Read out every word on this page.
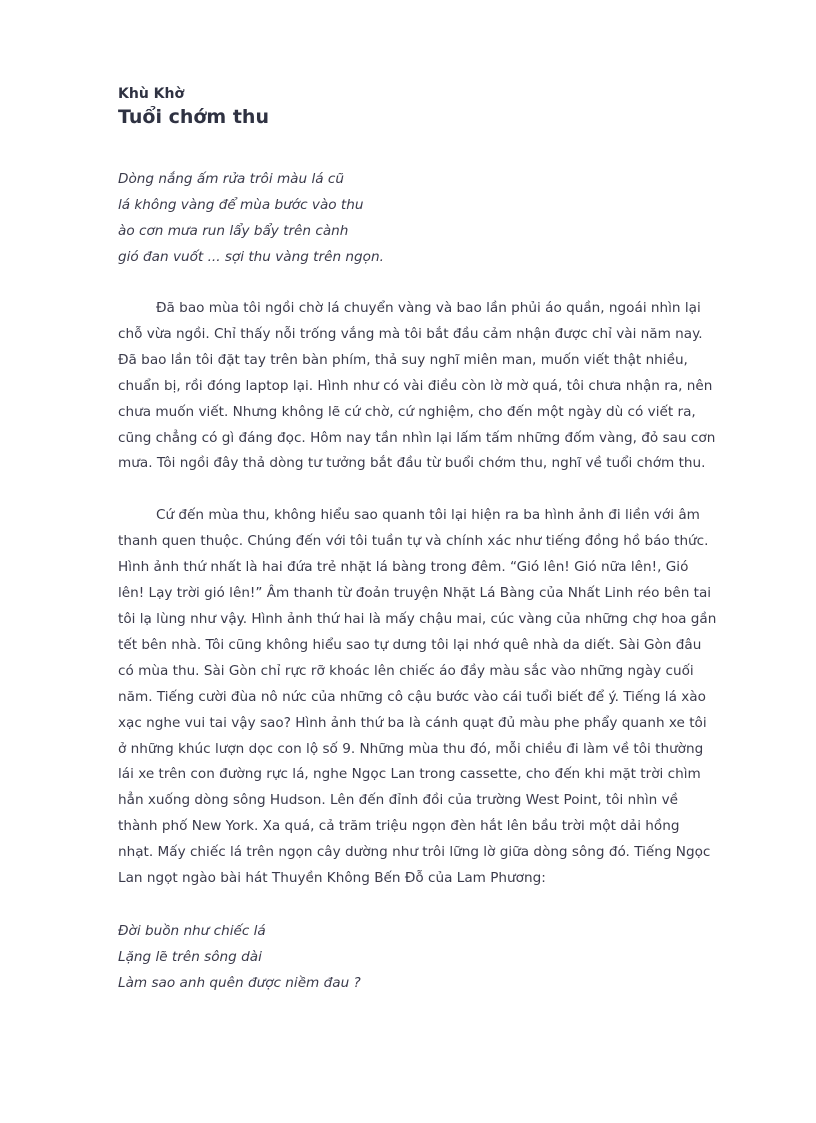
Khù Khờ

Tuổi chớm thu

Dòng nắng ấm rửa trôi màu lá cũ
lá không vàng để mùa bước vào thu
ào cơn mưa run lẩy bẩy trên cành
gió đan vuốt ... sợi thu vàng trên ngọn.

Đã bao mùa tôi ngồi chờ lá chuyển vàng và bao lần phủi áo quần, ngoái nhìn lại chỗ vừa ngồi. Chỉ thấy nỗi trống vắng mà tôi bắt đầu cảm nhận được chỉ vài năm nay. Đã bao lần tôi đặt tay trên bàn phím, thả suy nghĩ miên man, muốn viết thật nhiều, chuẩn bị, rồi đóng laptop lại. Hình như có vài điều còn lờ mờ quá, tôi chưa nhận ra, nên chưa muốn viết. Nhưng không lẽ cứ chờ, cứ nghiệm, cho đến một ngày dù có viết ra, cũng chẳng có gì đáng đọc. Hôm nay tần nhìn lại lấm tấm những đốm vàng, đỏ sau cơn mưa. Tôi ngồi đây thả dòng tư tưởng bắt đầu từ buổi chớm thu, nghĩ về tuổi chớm thu.

Cứ đến mùa thu, không hiểu sao quanh tôi lại hiện ra ba hình ảnh đi liền với âm thanh quen thuộc. Chúng đến với tôi tuần tự và chính xác như tiếng đồng hồ báo thức. Hình ảnh thứ nhất là hai đứa trẻ nhặt lá bàng trong đêm. “Gió lên! Gió nữa lên!, Gió lên! Lạy trời gió lên!” Âm thanh từ đoản truyện Nhặt Lá Bàng của Nhất Linh réo bên tai tôi lạ lùng như vậy. Hình ảnh thứ hai là mấy chậu mai, cúc vàng của những chợ hoa gần tết bên nhà. Tôi cũng không hiểu sao tự dưng tôi lại nhớ quê nhà da diết. Sài Gòn đâu có mùa thu. Sài Gòn chỉ rực rỡ khoác lên chiếc áo đầy màu sắc vào những ngày cuối năm. Tiếng cười đùa nô nức của những cô cậu bước vào cái tuổi biết để ý. Tiếng lá xào xạc nghe vui tai vậy sao? Hình ảnh thứ ba là cánh quạt đủ màu phe phẩy quanh xe tôi ở những khúc lượn dọc con lộ số 9. Những mùa thu đó, mỗi chiều đi làm về tôi thường lái xe trên con đường rực lá, nghe Ngọc Lan trong cassette, cho đến khi mặt trời chìm hẳn xuống dòng sông Hudson. Lên đến đỉnh đồi của trường West Point, tôi nhìn về thành phố New York. Xa quá, cả trăm triệu ngọn đèn hắt lên bầu trời một dải hồng nhạt. Mấy chiếc lá trên ngọn cây dường như trôi lững lờ giữa dòng sông đó. Tiếng Ngọc Lan ngọt ngào bài hát Thuyền Không Bến Đỗ của Lam Phương:

Đời buồn như chiếc lá
Lặng lẽ trên sông dài
Làm sao anh quên được niềm đau ?
